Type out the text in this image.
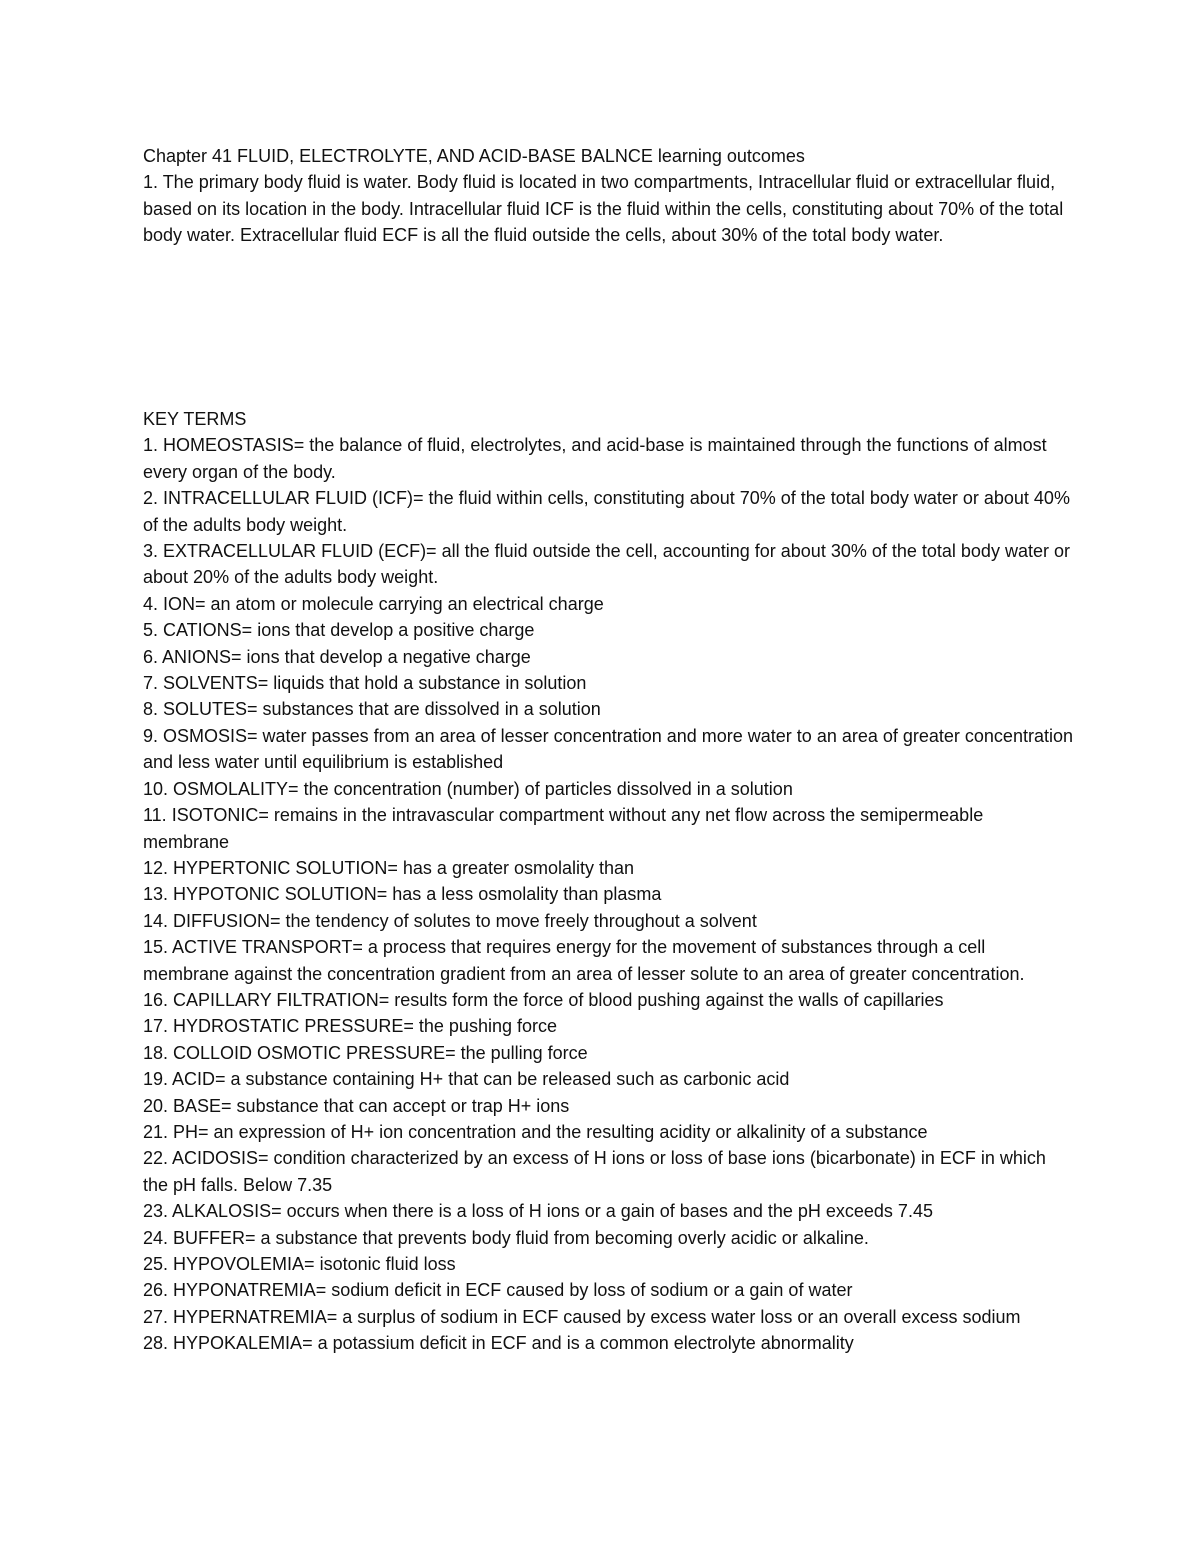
Chapter 41 FLUID, ELECTROLYTE, AND ACID-BASE BALNCE learning outcomes

1. The primary body fluid is water. Body fluid is located in two compartments, Intracellular fluid or extracellular fluid, based on its location in the body. Intracellular fluid ICF is the fluid within the cells, constituting about 70% of the total body water. Extracellular fluid ECF is all the fluid outside the cells, about 30% of the total body water.

KEY TERMS

1. HOMEOSTASIS= the balance of fluid, electrolytes, and acid-base is maintained through the functions of almost every organ of the body.

2. INTRACELLULAR FLUID (ICF)= the fluid within cells, constituting about 70% of the total body water or about 40% of the adults body weight.

3. EXTRACELLULAR FLUID (ECF)= all the fluid outside the cell, accounting for about 30% of the total body water or about 20% of the adults body weight.

4. ION= an atom or molecule carrying an electrical charge

5. CATIONS= ions that develop a positive charge

6. ANIONS= ions that develop a negative charge

7. SOLVENTS= liquids that hold a substance in solution

8. SOLUTES= substances that are dissolved in a solution

9. OSMOSIS= water passes from an area of lesser concentration and more water to an area of greater concentration and less water until equilibrium is established

10. OSMOLALITY= the concentration (number) of particles dissolved in a solution

11. ISOTONIC= remains in the intravascular compartment without any net flow across the semipermeable membrane

12. HYPERTONIC SOLUTION= has a greater osmolality than

13. HYPOTONIC SOLUTION= has a less osmolality than plasma

14. DIFFUSION= the tendency of solutes to move freely throughout a solvent

15. ACTIVE TRANSPORT= a process that requires energy for the movement of substances through a cell membrane against the concentration gradient from an area of lesser solute to an area of greater concentration.

16. CAPILLARY FILTRATION= results form the force of blood pushing against the walls of capillaries

17. HYDROSTATIC PRESSURE= the pushing force

18. COLLOID OSMOTIC PRESSURE= the pulling force

19. ACID= a substance containing H+ that can be released such as carbonic acid

20. BASE= substance that can accept or trap H+ ions

21. PH= an expression of H+ ion concentration and the resulting acidity or alkalinity of a substance

22. ACIDOSIS= condition characterized by an excess of H ions or loss of base ions (bicarbonate) in ECF in which the pH falls. Below 7.35

23. ALKALOSIS= occurs when there is a loss of H ions or a gain of bases and the pH exceeds 7.45

24. BUFFER= a substance that prevents body fluid from becoming overly acidic or alkaline.

25. HYPOVOLEMIA= isotonic fluid loss

26. HYPONATREMIA= sodium deficit in ECF caused by loss of sodium or a gain of water

27. HYPERNATREMIA= a surplus of sodium in ECF caused by excess water loss or an overall excess sodium

28. HYPOKALEMIA= a potassium deficit in ECF and is a common electrolyte abnormality
